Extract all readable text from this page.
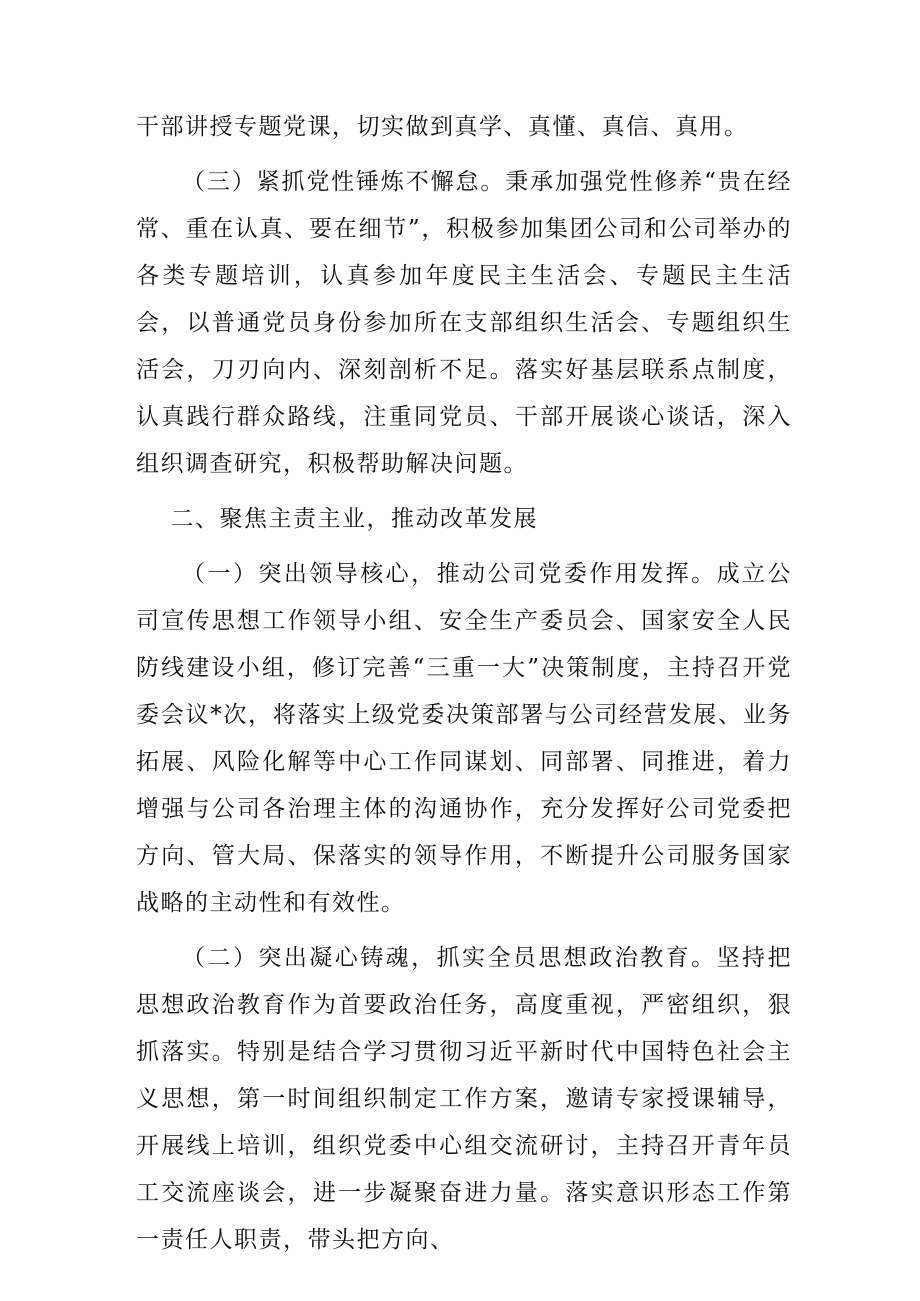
干部讲授专题党课，切实做到真学、真懂、真信、真用。

（三）紧抓党性锤炼不懈怠。秉承加强党性修养“贵在经常、重在认真、要在细节”，积极参加集团公司和公司举办的各类专题培训，认真参加年度民主生活会、专题民主生活会，以普通党员身份参加所在支部组织生活会、专题组织生活会，刀刃向内、深刻剖析不足。落实好基层联系点制度，认真践行群众路线，注重同党员、干部开展谈心谈话，深入组织调查研究，积极帮助解决问题。

二、聚焦主责主业，推动改革发展

（一）突出领导核心，推动公司党委作用发挥。成立公司宣传思想工作领导小组、安全生产委员会、国家安全人民防线建设小组，修订完善“三重一大”决策制度，主持召开党委会议*次，将落实上级党委决策部署与公司经营发展、业务拓展、风险化解等中心工作同谋划、同部署、同推进，着力增强与公司各治理主体的沟通协作，充分发挥好公司党委把方向、管大局、保落实的领导作用，不断提升公司服务国家战略的主动性和有效性。

（二）突出凝心铸魂，抓实全员思想政治教育。坚持把思想政治教育作为首要政治任务，高度重视，严密组织，狠抓落实。特别是结合学习贯彻习近平新时代中国特色社会主义思想，第一时间组织制定工作方案，邀请专家授课辅导，开展线上培训，组织党委中心组交流研讨，主持召开青年员工交流座谈会，进一步凝聚奋进力量。落实意识形态工作第一责任人职责，带头把方向、
